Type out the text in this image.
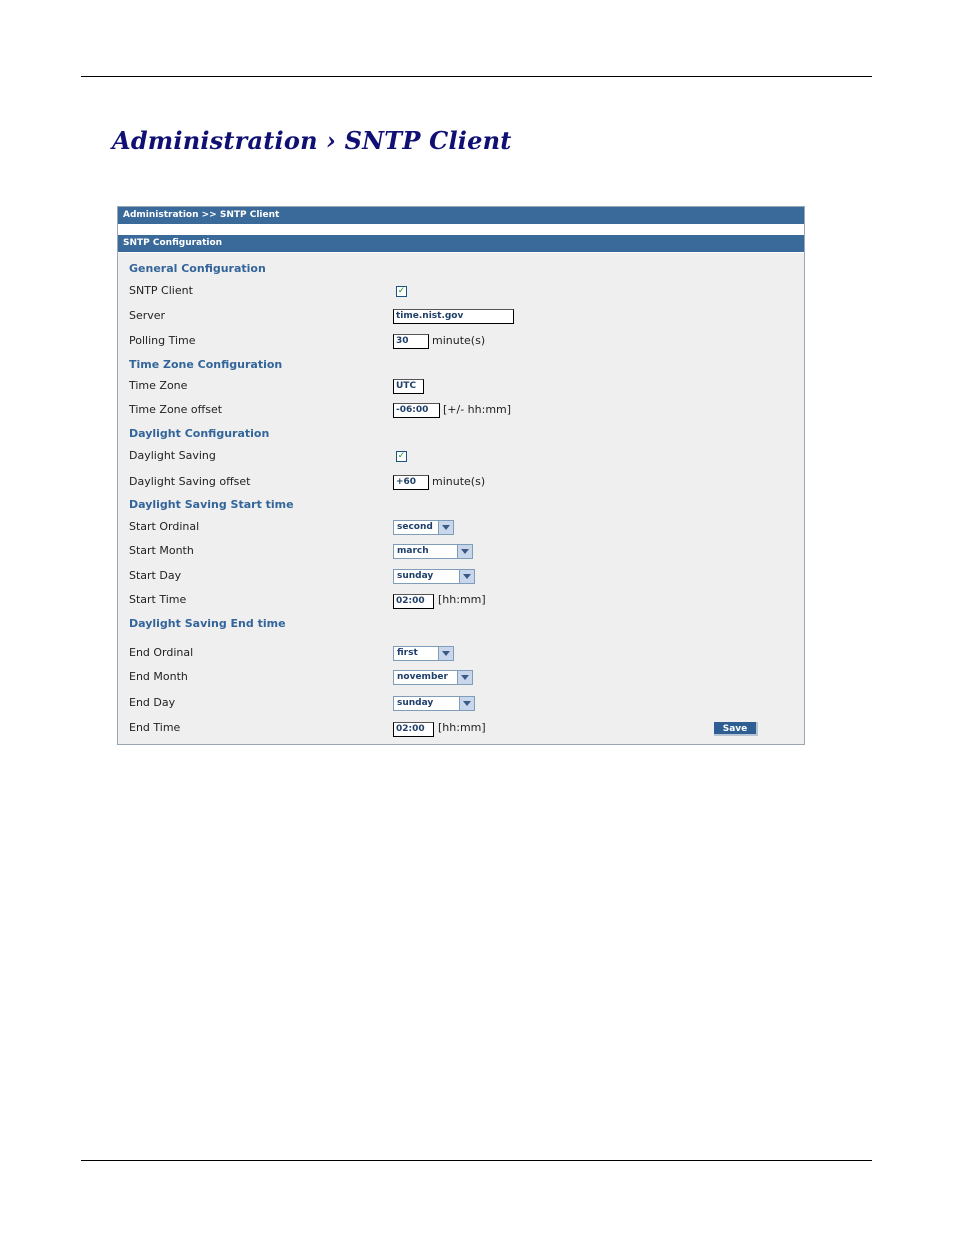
Administration › SNTP Client
Administration >> SNTP Client
SNTP Configuration
General Configuration
SNTP Client	✓
Server	time.nist.gov
Polling Time	30	minute(s)
Time Zone Configuration
Time Zone	UTC
Time Zone offset	-06:00	[+/- hh:mm]
Daylight Configuration
Daylight Saving	✓
Daylight Saving offset	+60	minute(s)
Daylight Saving Start time
Start Ordinal	second
Start Month	march
Start Day	sunday
Start Time	02:00	[hh:mm]
Daylight Saving End time
End Ordinal	first
End Month	november
End Day	sunday
End Time	02:00	[hh:mm]	Save
